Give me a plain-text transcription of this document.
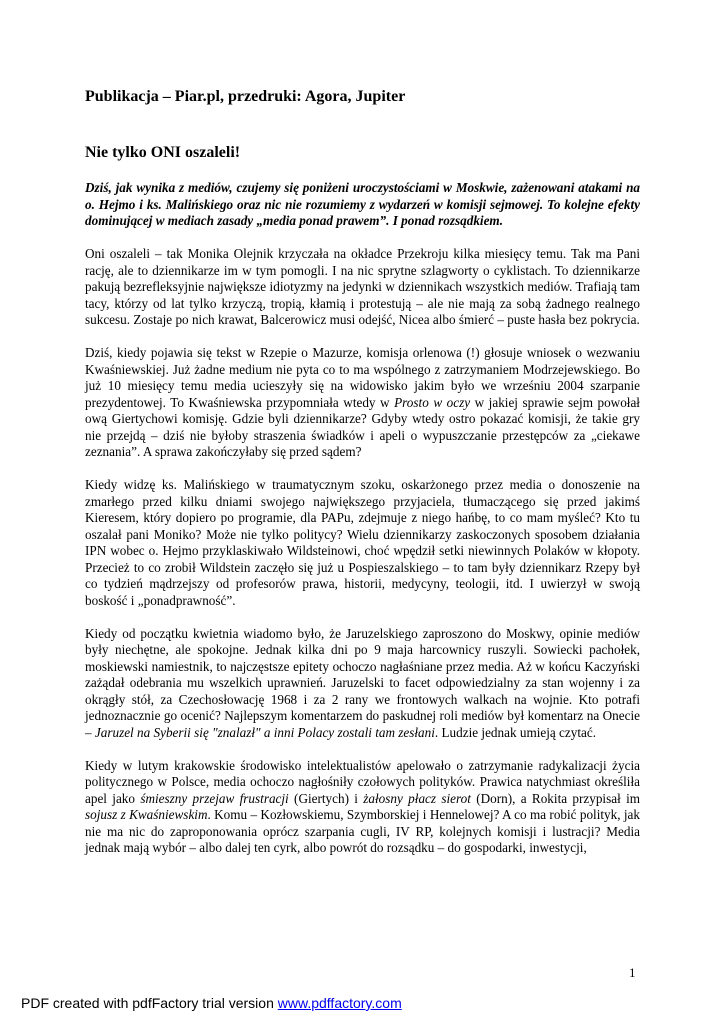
Publikacja – Piar.pl, przedruki: Agora, Jupiter

Nie tylko ONI oszaleli!

Dziś, jak wynika z mediów, czujemy się poniżeni uroczystościami w Moskwie, zażenowani atakami na o. Hejmo i ks. Malińskiego oraz nic nie rozumiemy z wydarzeń w komisji sejmowej. To kolejne efekty dominującej w mediach zasady „media ponad prawem”. I ponad rozsądkiem.

Oni oszaleli – tak Monika Olejnik krzyczała na okładce Przekroju kilka miesięcy temu. Tak ma Pani rację, ale to dziennikarze im w tym pomogli. I na nic sprytne szlagworty o cyklistach. To dziennikarze pakują bezrefleksyjnie największe idiotyzmy na jedynki w dziennikach wszystkich mediów. Trafiają tam tacy, którzy od lat tylko krzyczą, tropią, kłamią i protestują – ale nie mają za sobą żadnego realnego sukcesu. Zostaje po nich krawat, Balcerowicz musi odejść, Nicea albo śmierć – puste hasła bez pokrycia.

Dziś, kiedy pojawia się tekst w Rzepie o Mazurze, komisja orlenowa (!) głosuje wniosek o wezwaniu Kwaśniewskiej. Już żadne medium nie pyta co to ma wspólnego z zatrzymaniem Modrzejewskiego. Bo już 10 miesięcy temu media ucieszyły się na widowisko jakim było we wrześniu 2004 szarpanie prezydentowej. To Kwaśniewska przypomniała wtedy w Prosto w oczy w jakiej sprawie sejm powołał ową Giertychowi komisję. Gdzie byli dziennikarze? Gdyby wtedy ostro pokazać komisji, że takie gry nie przejdą – dziś nie byłoby straszenia świadków i apeli o wypuszczanie przestępców za „ciekawe zeznania”. A sprawa zakończyłaby się przed sądem?

Kiedy widzę ks. Malińskiego w traumatycznym szoku, oskarżonego przez media o donoszenie na zmarłego przed kilku dniami swojego największego przyjaciela, tłumaczącego się przed jakimś Kieresem, który dopiero po programie, dla PAPu, zdejmuje z niego hańbę, to co mam myśleć? Kto tu oszalał pani Moniko? Może nie tylko politycy? Wielu dziennikarzy zaskoczonych sposobem działania IPN wobec o. Hejmo przyklaskiwało Wildsteinowi, choć wpędził setki niewinnych Polaków w kłopoty. Przecież to co zrobił Wildstein zaczęło się już u Pospieszalskiego – to tam były dziennikarz Rzepy był co tydzień mądrzejszy od profesorów prawa, historii, medycyny, teologii, itd. I uwierzył w swoją boskość i „ponadprawność”.

Kiedy od początku kwietnia wiadomo było, że Jaruzelskiego zaproszono do Moskwy, opinie mediów były niechętne, ale spokojne. Jednak kilka dni po 9 maja harcownicy ruszyli. Sowiecki pachołek, moskiewski namiestnik, to najczęstsze epitety ochoczo nagłaśniane przez media. Aż w końcu Kaczyński zażądał odebrania mu wszelkich uprawnień. Jaruzelski to facet odpowiedzialny za stan wojenny i za okrągły stół, za Czechosłowację 1968 i za 2 rany we frontowych walkach na wojnie. Kto potrafi jednoznacznie go ocenić? Najlepszym komentarzem do paskudnej roli mediów był komentarz na Onecie – Jaruzel na Syberii się "znalazł" a inni Polacy zostali tam zesłani. Ludzie jednak umieją czytać.

Kiedy w lutym krakowskie środowisko intelektualistów apelowało o zatrzymanie radykalizacji życia politycznego w Polsce, media ochoczo nagłośniły czołowych polityków. Prawica natychmiast określiła apel jako śmieszny przejaw frustracji (Giertych) i żałosny płacz sierot (Dorn), a Rokita przypisał im sojusz z Kwaśniewskim. Komu – Kozłowskiemu, Szymborskiej i Hennelowej? A co ma robić polityk, jak nie ma nic do zaproponowania oprócz szarpania cugli, IV RP, kolejnych komisji i lustracji? Media jednak mają wybór – albo dalej ten cyrk, albo powrót do rozsądku – do gospodarki, inwestycji,

1
PDF created with pdfFactory trial version www.pdffactory.com
